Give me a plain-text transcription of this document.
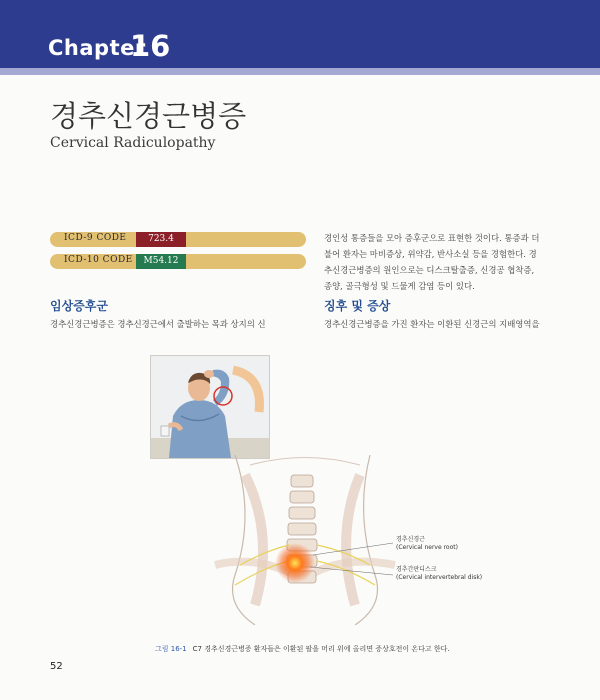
Chapter
16
경추신경근병증
Cervical Radiculopathy
ICD-9 CODE	723.4
ICD-10 CODE	M54.12
임상증후군
경추신경근병증은 경추신경근에서 출발하는 목과 상지의 신
경인성 통증들을 모아 증후군으로 표현한 것이다. 통증과 더
불어 환자는 마비증상, 위약감, 반사소실 등을 경험한다. 경
추신경근병증의 원인으로는 디스크탈출증, 신경공 협착증,
종양, 골극형성 및 드물게 감염 등이 있다.
징후 및 증상
경추신경근병증을 가진 환자는 이환된 신경근의 지배영역을
경추신경근
(Cervical nerve root)
경추간판디스크
(Cervical intervertebral disk)
그림 16-1 C7 경추신경근병증 환자들은 이환된 팔을 머리 위에 올리면 증상호전이 온다고 한다.
52
